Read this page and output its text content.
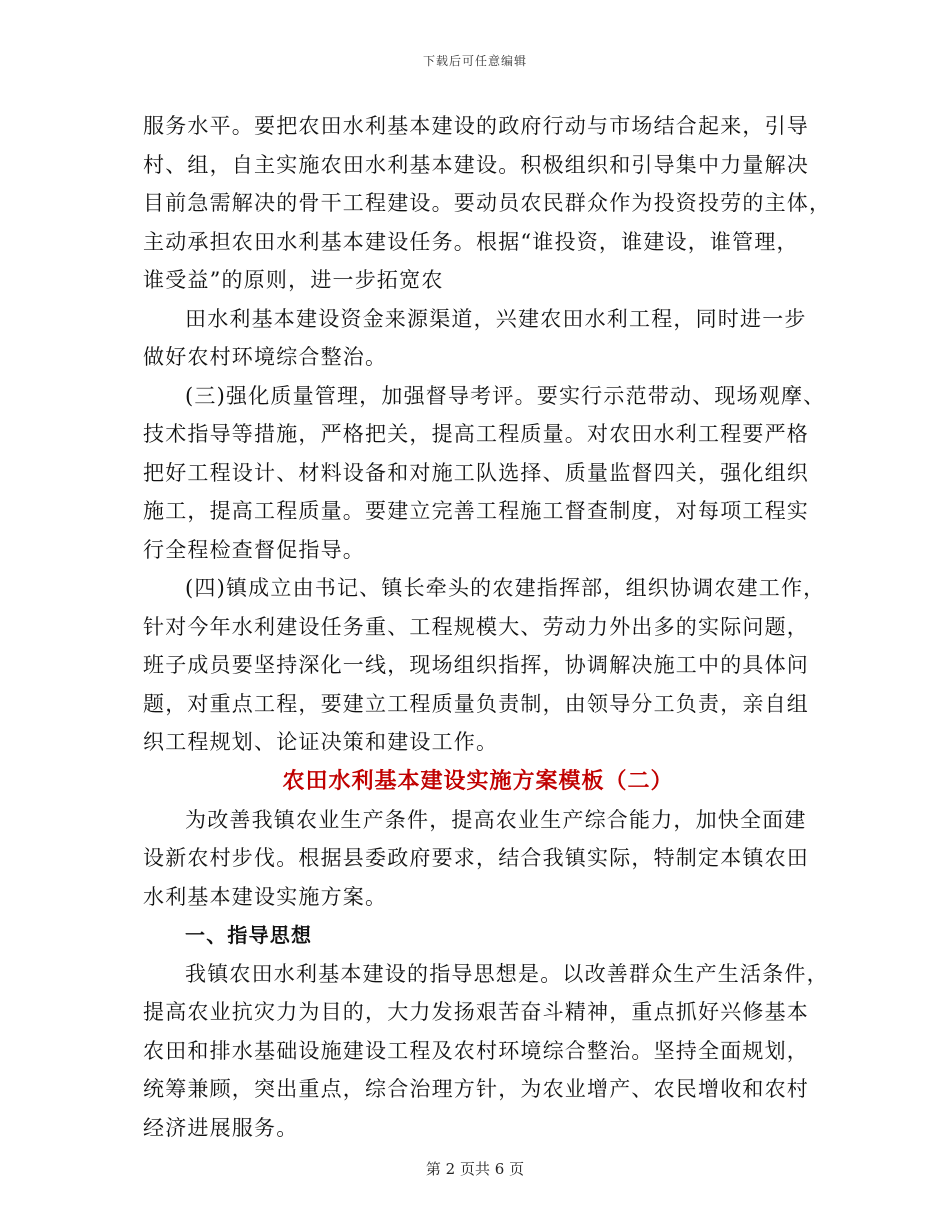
下载后可任意编辑
服务水平。要把农田水利基本建设的政府行动与市场结合起来，引导
村、组，自主实施农田水利基本建设。积极组织和引导集中力量解决
目前急需解决的骨干工程建设。要动员农民群众作为投资投劳的主体，
主动承担农田水利基本建设任务。根据“谁投资，谁建设，谁管理，
谁受益”的原则，进一步拓宽农
田水利基本建设资金来源渠道，兴建农田水利工程，同时进一步
做好农村环境综合整治。
(三)强化质量管理，加强督导考评。要实行示范带动、现场观摩、
技术指导等措施，严格把关，提高工程质量。对农田水利工程要严格
把好工程设计、材料设备和对施工队选择、质量监督四关，强化组织
施工，提高工程质量。要建立完善工程施工督查制度，对每项工程实
行全程检查督促指导。
(四)镇成立由书记、镇长牵头的农建指挥部，组织协调农建工作，
针对今年水利建设任务重、工程规模大、劳动力外出多的实际问题，
班子成员要坚持深化一线，现场组织指挥，协调解决施工中的具体问
题，对重点工程，要建立工程质量负责制，由领导分工负责，亲自组
织工程规划、论证决策和建设工作。
农田水利基本建设实施方案模板（二）
为改善我镇农业生产条件，提高农业生产综合能力，加快全面建
设新农村步伐。根据县委政府要求，结合我镇实际，特制定本镇农田
水利基本建设实施方案。
一、指导思想
我镇农田水利基本建设的指导思想是。以改善群众生产生活条件，
提高农业抗灾力为目的，大力发扬艰苦奋斗精神，重点抓好兴修基本
农田和排水基础设施建设工程及农村环境综合整治。坚持全面规划，
统筹兼顾，突出重点，综合治理方针，为农业增产、农民增收和农村
经济进展服务。
第 2 页共 6 页
